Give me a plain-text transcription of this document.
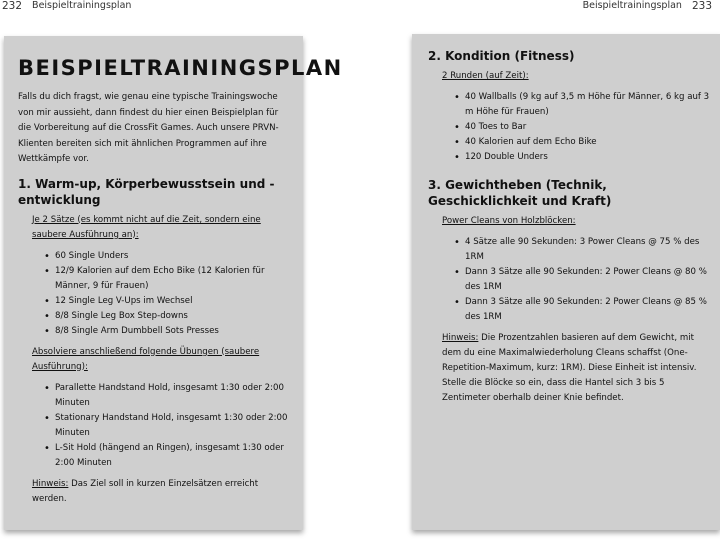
232 Beispieltrainingsplan	Beispieltrainingsplan 233
BEISPIELTRAININGSPLAN

Falls du dich fragst, wie genau eine typische Trainingswoche von mir aussieht, dann findest du hier einen Beispielplan für die Vorbereitung auf die CrossFit Games. Auch unsere PRVN-Klienten bereiten sich mit ähnlichen Programmen auf ihre Wettkämpfe vor.

1. Warm-up, Körperbewusstsein und -entwicklung
Je 2 Sätze (es kommt nicht auf die Zeit, sondern eine saubere Ausführung an):
• 60 Single Unders
• 12/9 Kalorien auf dem Echo Bike (12 Kalorien für Männer, 9 für Frauen)
• 12 Single Leg V-Ups im Wechsel
• 8/8 Single Leg Box Step-downs
• 8/8 Single Arm Dumbbell Sots Presses
Absolviere anschließend folgende Übungen (saubere Ausführung):
• Parallette Handstand Hold, insgesamt 1:30 oder 2:00 Minuten
• Stationary Handstand Hold, insgesamt 1:30 oder 2:00 Minuten
• L-Sit Hold (hängend an Ringen), insgesamt 1:30 oder 2:00 Minuten

Hinweis: Das Ziel soll in kurzen Einzelsätzen erreicht werden.

2. Kondition (Fitness)
2 Runden (auf Zeit):
• 40 Wallballs (9 kg auf 3,5 m Höhe für Männer, 6 kg auf 3 m Höhe für Frauen)
• 40 Toes to Bar
• 40 Kalorien auf dem Echo Bike
• 120 Double Unders
3. Gewichtheben (Technik, Geschicklichkeit und Kraft)
Power Cleans von Holzblöcken:
• 4 Sätze alle 90 Sekunden: 3 Power Cleans @ 75 % des 1RM
• Dann 3 Sätze alle 90 Sekunden: 2 Power Cleans @ 80 % des 1RM
• Dann 3 Sätze alle 90 Sekunden: 2 Power Cleans @ 85 % des 1RM

Hinweis: Die Prozentzahlen basieren auf dem Gewicht, mit dem du eine Maximalwiederholung Cleans schaffst (One-Repetition-Maximum, kurz: 1RM). Diese Einheit ist intensiv. Stelle die Blöcke so ein, dass die Hantel sich 3 bis 5 Zentimeter oberhalb deiner Knie befindet.
